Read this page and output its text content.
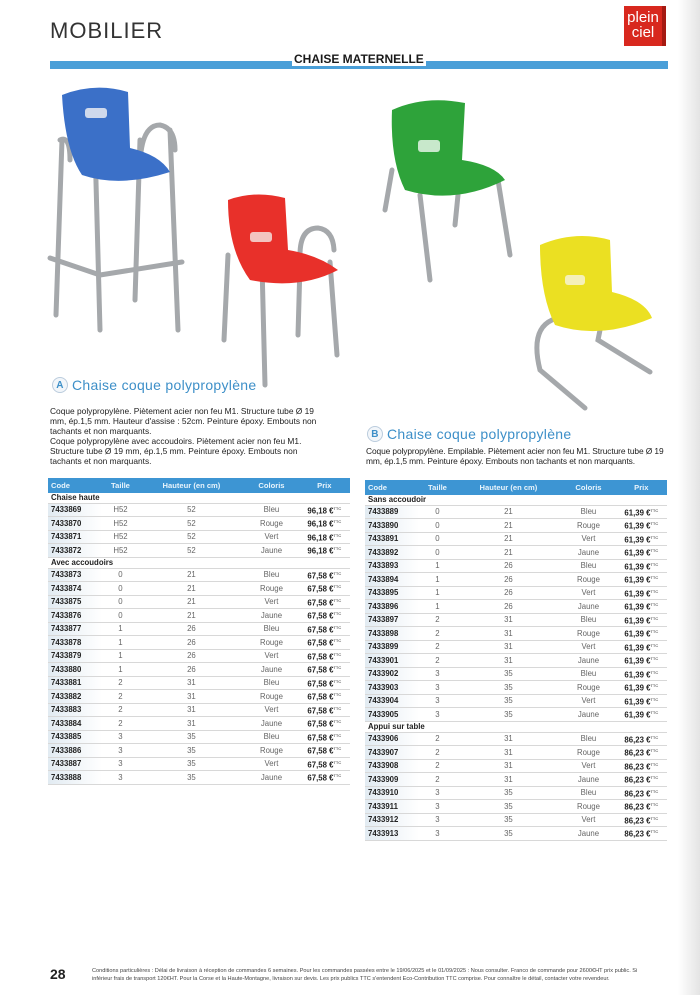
MOBILIER
plein
ciel
CHAISE MATERNELLE
A Chaise coque polypropylène

Coque polypropylène. Piètement acier non feu M1. Structure tube Ø 19 mm, ép.1,5 mm. Hauteur d'assise : 52cm. Peinture époxy. Embouts non tachants et non marquants.

Coque polypropylène avec accoudoirs. Piètement acier non feu M1. Structure tube Ø 19 mm, ép.1,5 mm. Peinture époxy. Embouts non tachants et non marquants.

B Chaise coque polypropylène

Coque polypropylène. Empilable. Piètement acier non feu M1. Structure tube Ø 19 mm, ép.1,5 mm. Peinture époxy. Embouts non tachants et non marquants.

Code	Taille	Hauteur (en cm)	Coloris	Prix
Chaise haute				
7433869	H52	52	Bleu	96,18 €$^{TTC}$
7433870	H52	52	Rouge	96,18 €$^{TTC}$
7433871	H52	52	Vert	96,18 €$^{TTC}$
7433872	H52	52	Jaune	96,18 €$^{TTC}$
Avec accoudoirs				
7433873	0	21	Bleu	67,58 €$^{TTC}$
7433874	0	21	Rouge	67,58 €$^{TTC}$
7433875	0	21	Vert	67,58 €$^{TTC}$
7433876	0	21	Jaune	67,58 €$^{TTC}$
7433877	1	26	Bleu	67,58 €$^{TTC}$
7433878	1	26	Rouge	67,58 €$^{TTC}$
7433879	1	26	Vert	67,58 €$^{TTC}$
7433880	1	26	Jaune	67,58 €$^{TTC}$
7433881	2	31	Bleu	67,58 €$^{TTC}$
7433882	2	31	Rouge	67,58 €$^{TTC}$
7433883	2	31	Vert	67,58 €$^{TTC}$
7433884	2	31	Jaune	67,58 €$^{TTC}$
7433885	3	35	Bleu	67,58 €$^{TTC}$
7433886	3	35	Rouge	67,58 €$^{TTC}$
7433887	3	35	Vert	67,58 €$^{TTC}$
7433888	3	35	Jaune	67,58 €$^{TTC}$
Code	Taille	Hauteur (en cm)	Coloris	Prix
Sans accoudoir				
7433889	0	21	Bleu	61,39 €$^{TTC}$
7433890	0	21	Rouge	61,39 €$^{TTC}$
7433891	0	21	Vert	61,39 €$^{TTC}$
7433892	0	21	Jaune	61,39 €$^{TTC}$
7433893	1	26	Bleu	61,39 €$^{TTC}$
7433894	1	26	Rouge	61,39 €$^{TTC}$
7433895	1	26	Vert	61,39 €$^{TTC}$
7433896	1	26	Jaune	61,39 €$^{TTC}$
7433897	2	31	Bleu	61,39 €$^{TTC}$
7433898	2	31	Rouge	61,39 €$^{TTC}$
7433899	2	31	Vert	61,39 €$^{TTC}$
7433901	2	31	Jaune	61,39 €$^{TTC}$
7433902	3	35	Bleu	61,39 €$^{TTC}$
7433903	3	35	Rouge	61,39 €$^{TTC}$
7433904	3	35	Vert	61,39 €$^{TTC}$
7433905	3	35	Jaune	61,39 €$^{TTC}$
Appui sur table				
7433906	2	31	Bleu	86,23 €$^{TTC}$
7433907	2	31	Rouge	86,23 €$^{TTC}$
7433908	2	31	Vert	86,23 €$^{TTC}$
7433909	2	31	Jaune	86,23 €$^{TTC}$
7433910	3	35	Bleu	86,23 €$^{TTC}$
7433911	3	35	Rouge	86,23 €$^{TTC}$
7433912	3	35	Vert	86,23 €$^{TTC}$
7433913	3	35	Jaune	86,23 €$^{TTC}$
28	Conditions particulières : Délai de livraison à réception de commandes 6 semaines. Pour les commandes passées entre le 19/06/2025 et le 01/09/2025 : Nous consulter. Franco de commande pour 2600€HT prix public. Si inférieur frais de transport 120€HT. Pour la Corse et la Haute-Montagne, livraison sur devis. Les prix publics TTC s'entendent Eco-Contribution TTC comprise. Pour connaître le détail, contacter votre revendeur.
